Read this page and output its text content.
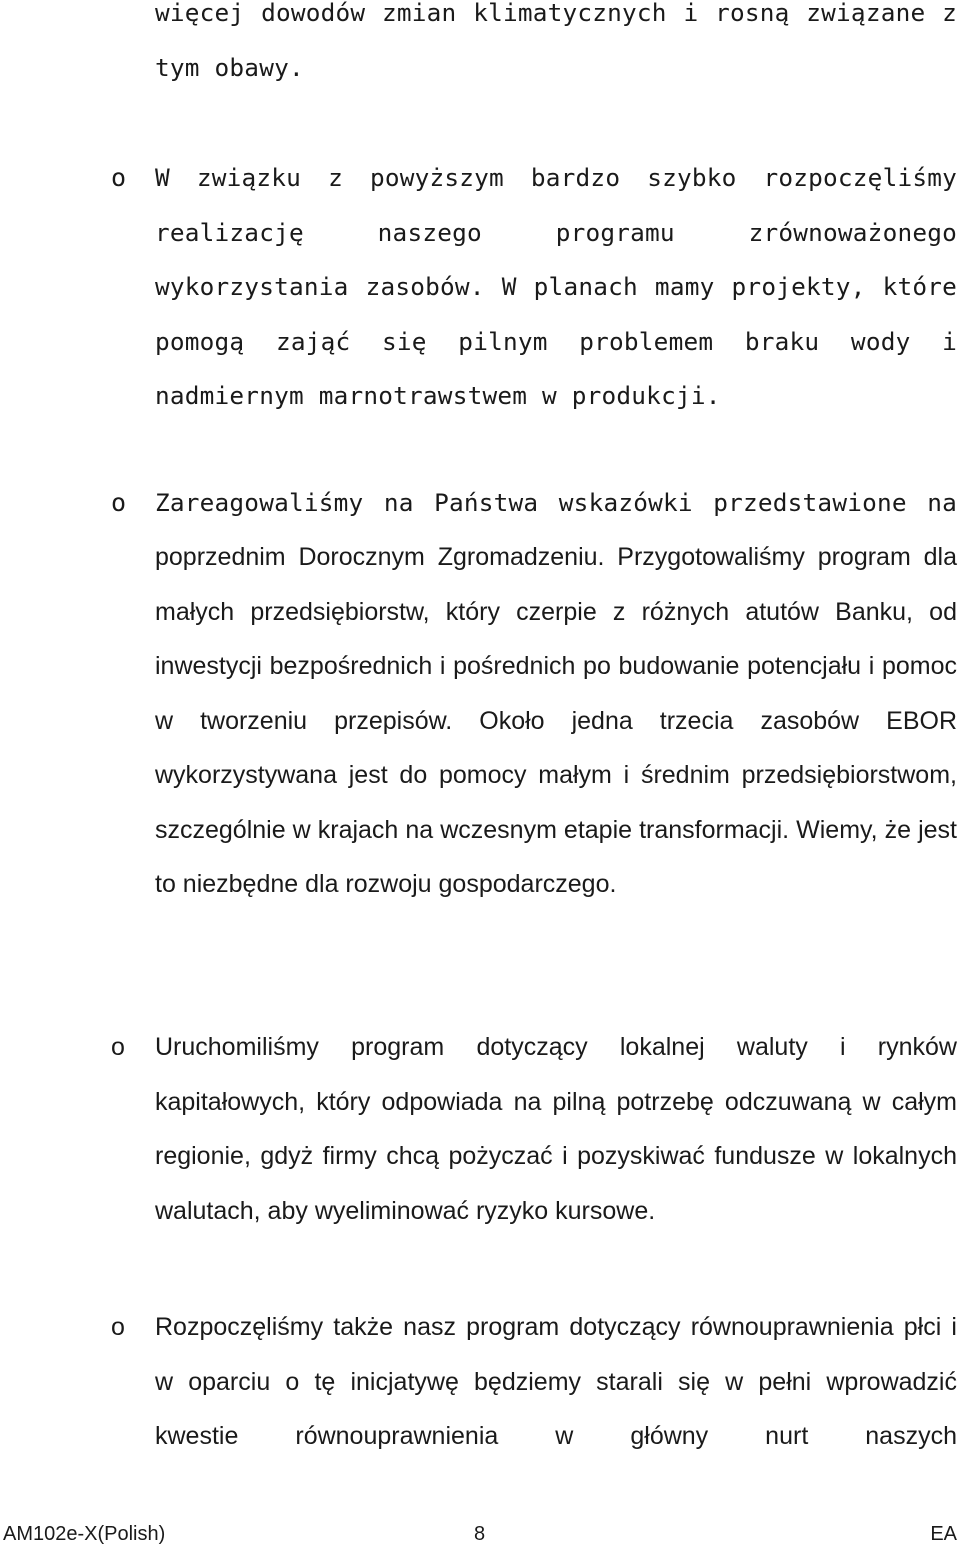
więcej dowodów zmian klimatycznych i rosną związane z tym obawy.

o W związku z powyższym bardzo szybko rozpoczęliśmy realizację naszego programu zrównoważonego wykorzystania zasobów. W planach mamy projekty, które pomogą zająć się pilnym problemem braku wody i nadmiernym marnotrawstwem w produkcji.

o Zareagowaliśmy na Państwa wskazówki przedstawione na

poprzednim Dorocznym Zgromadzeniu. Przygotowaliśmy program dla małych przedsiębiorstw, który czerpie z różnych atutów Banku, od inwestycji bezpośrednich i pośrednich po budowanie potencjału i pomoc w tworzeniu przepisów. Około jedna trzecia zasobów EBOR wykorzystywana jest do pomocy małym i średnim przedsiębiorstwom, szczególnie w krajach na wczesnym etapie transformacji. Wiemy, że jest to niezbędne dla rozwoju gospodarczego.

o Uruchomiliśmy program dotyczący lokalnej waluty i rynków kapitałowych, który odpowiada na pilną potrzebę odczuwaną w całym regionie, gdyż firmy chcą pożyczać i pozyskiwać fundusze w lokalnych walutach, aby wyeliminować ryzyko kursowe.

o Rozpoczęliśmy także nasz program dotyczący równouprawnienia płci i w oparciu o tę inicjatywę będziemy starali się w pełni wprowadzić kwestie równouprawnienia w główny nurt naszych

AM102e-X(Polish)	8	EA
